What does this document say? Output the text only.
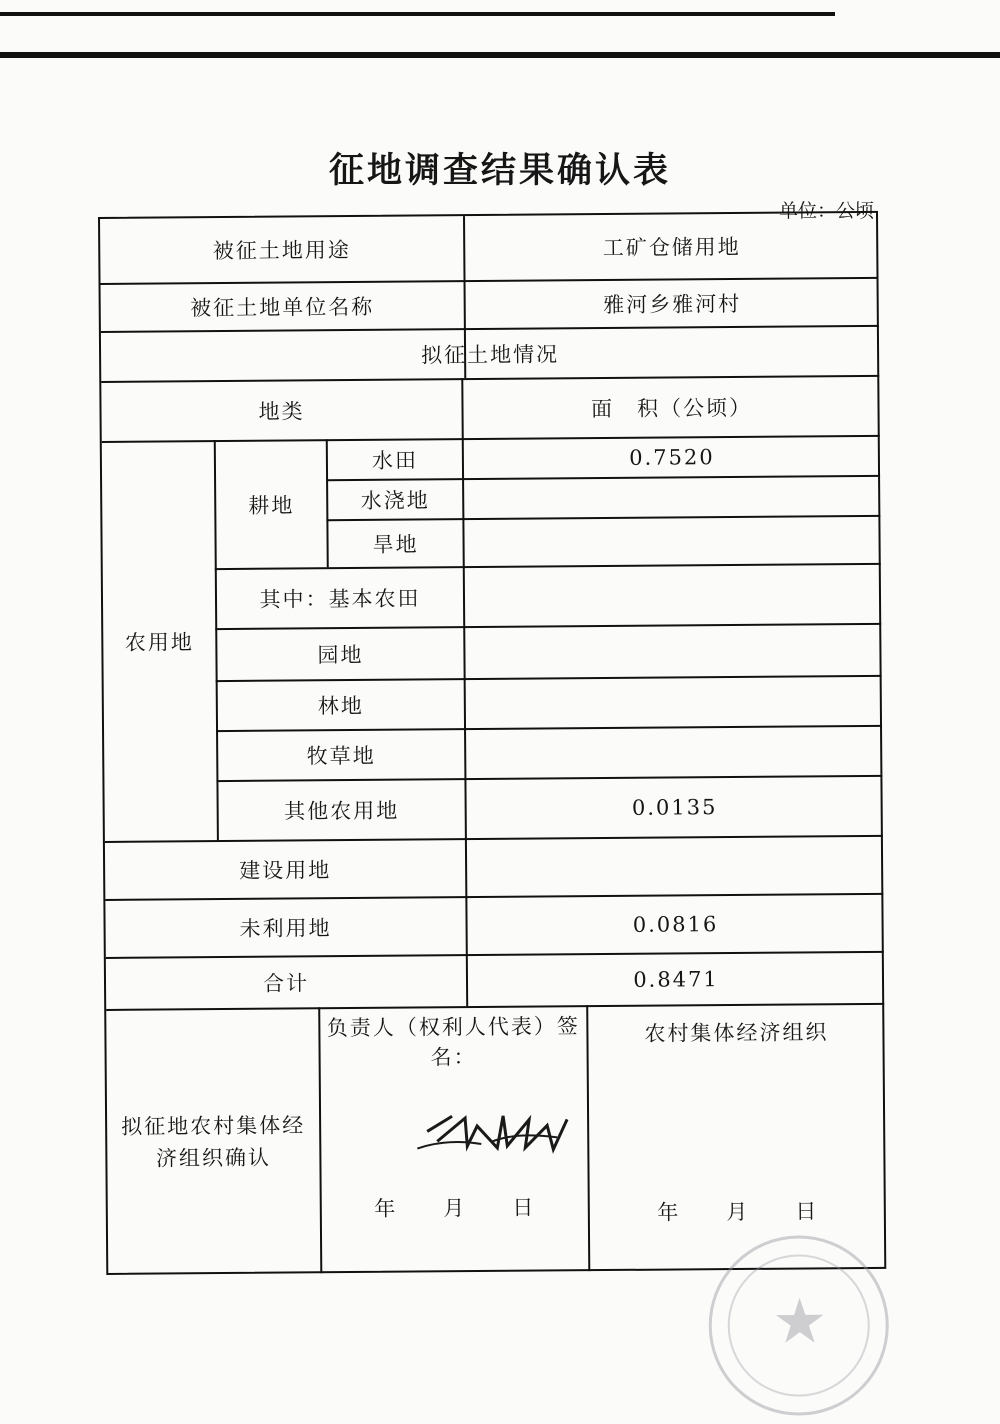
征地调查结果确认表
单位：公顷
被征土地用途	工矿仓储用地
被征土地单位名称	雅河乡雅河村
拟征土地情况
地类	面　积（公顷）
农用地
耕地
水田	0.7520
水浇地
旱地
其中：基本农田
园地
林地
牧草地
其他农用地	0.0135
建设用地
未利用地	0.0816
合计	0.8471
拟征地农村集体经济组织确认
负责人（权利人代表）签名：
年　　月　　日
农村集体经济组织
★
年　　月　　日
